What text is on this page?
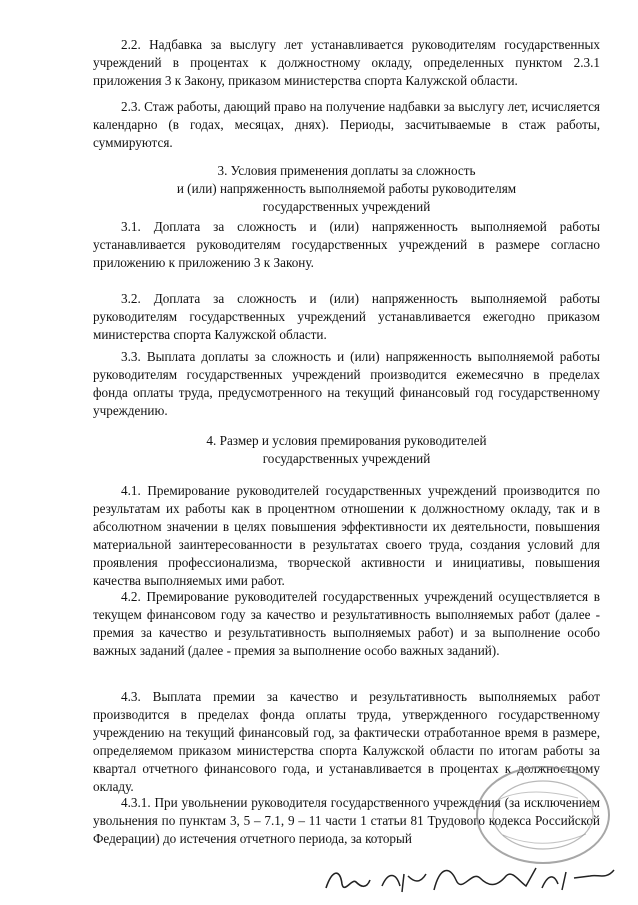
2.2. Надбавка за выслугу лет устанавливается руководителям государственных учреждений в процентах к должностному окладу, определенных пунктом 2.3.1 приложения 3 к Закону, приказом министерства спорта Калужской области.

2.3. Стаж работы, дающий право на получение надбавки за выслугу лет, исчисляется календарно (в годах, месяцах, днях). Периоды, засчитываемые в стаж работы, суммируются.

3. Условия применения доплаты за сложность
и (или) напряженность выполняемой работы руководителям
государственных учреждений

3.1. Доплата за сложность и (или) напряженность выполняемой работы устанавливается руководителям государственных учреждений в размере согласно приложению к приложению 3 к Закону.

3.2. Доплата за сложность и (или) напряженность выполняемой работы руководителям государственных учреждений устанавливается ежегодно приказом министерства спорта Калужской области.

3.3. Выплата доплаты за сложность и (или) напряженность выполняемой работы руководителям государственных учреждений производится ежемесячно в пределах фонда оплаты труда, предусмотренного на текущий финансовый год государственному учреждению.

4. Размер и условия премирования руководителей
государственных учреждений

4.1. Премирование руководителей государственных учреждений производится по результатам их работы как в процентном отношении к должностному окладу, так и в абсолютном значении в целях повышения эффективности их деятельности, повышения материальной заинтересованности в результатах своего труда, создания условий для проявления профессионализма, творческой активности и инициативы, повышения качества выполняемых ими работ.

4.2. Премирование руководителей государственных учреждений осуществляется в текущем финансовом году за качество и результативность выполняемых работ (далее - премия за качество и результативность выполняемых работ) и за выполнение особо важных заданий (далее - премия за выполнение особо важных заданий).

4.3. Выплата премии за качество и результативность выполняемых работ производится в пределах фонда оплаты труда, утвержденного государственному учреждению на текущий финансовый год, за фактически отработанное время в размере, определяемом приказом министерства спорта Калужской области по итогам работы за квартал отчетного финансового года, и устанавливается в процентах к должностному окладу.

4.3.1. При увольнении руководителя государственного учреждения (за исключением увольнения по пунктам 3, 5 – 7.1, 9 – 11 части 1 статьи 81 Трудового кодекса Российской Федерации) до истечения отчетного периода, за который
